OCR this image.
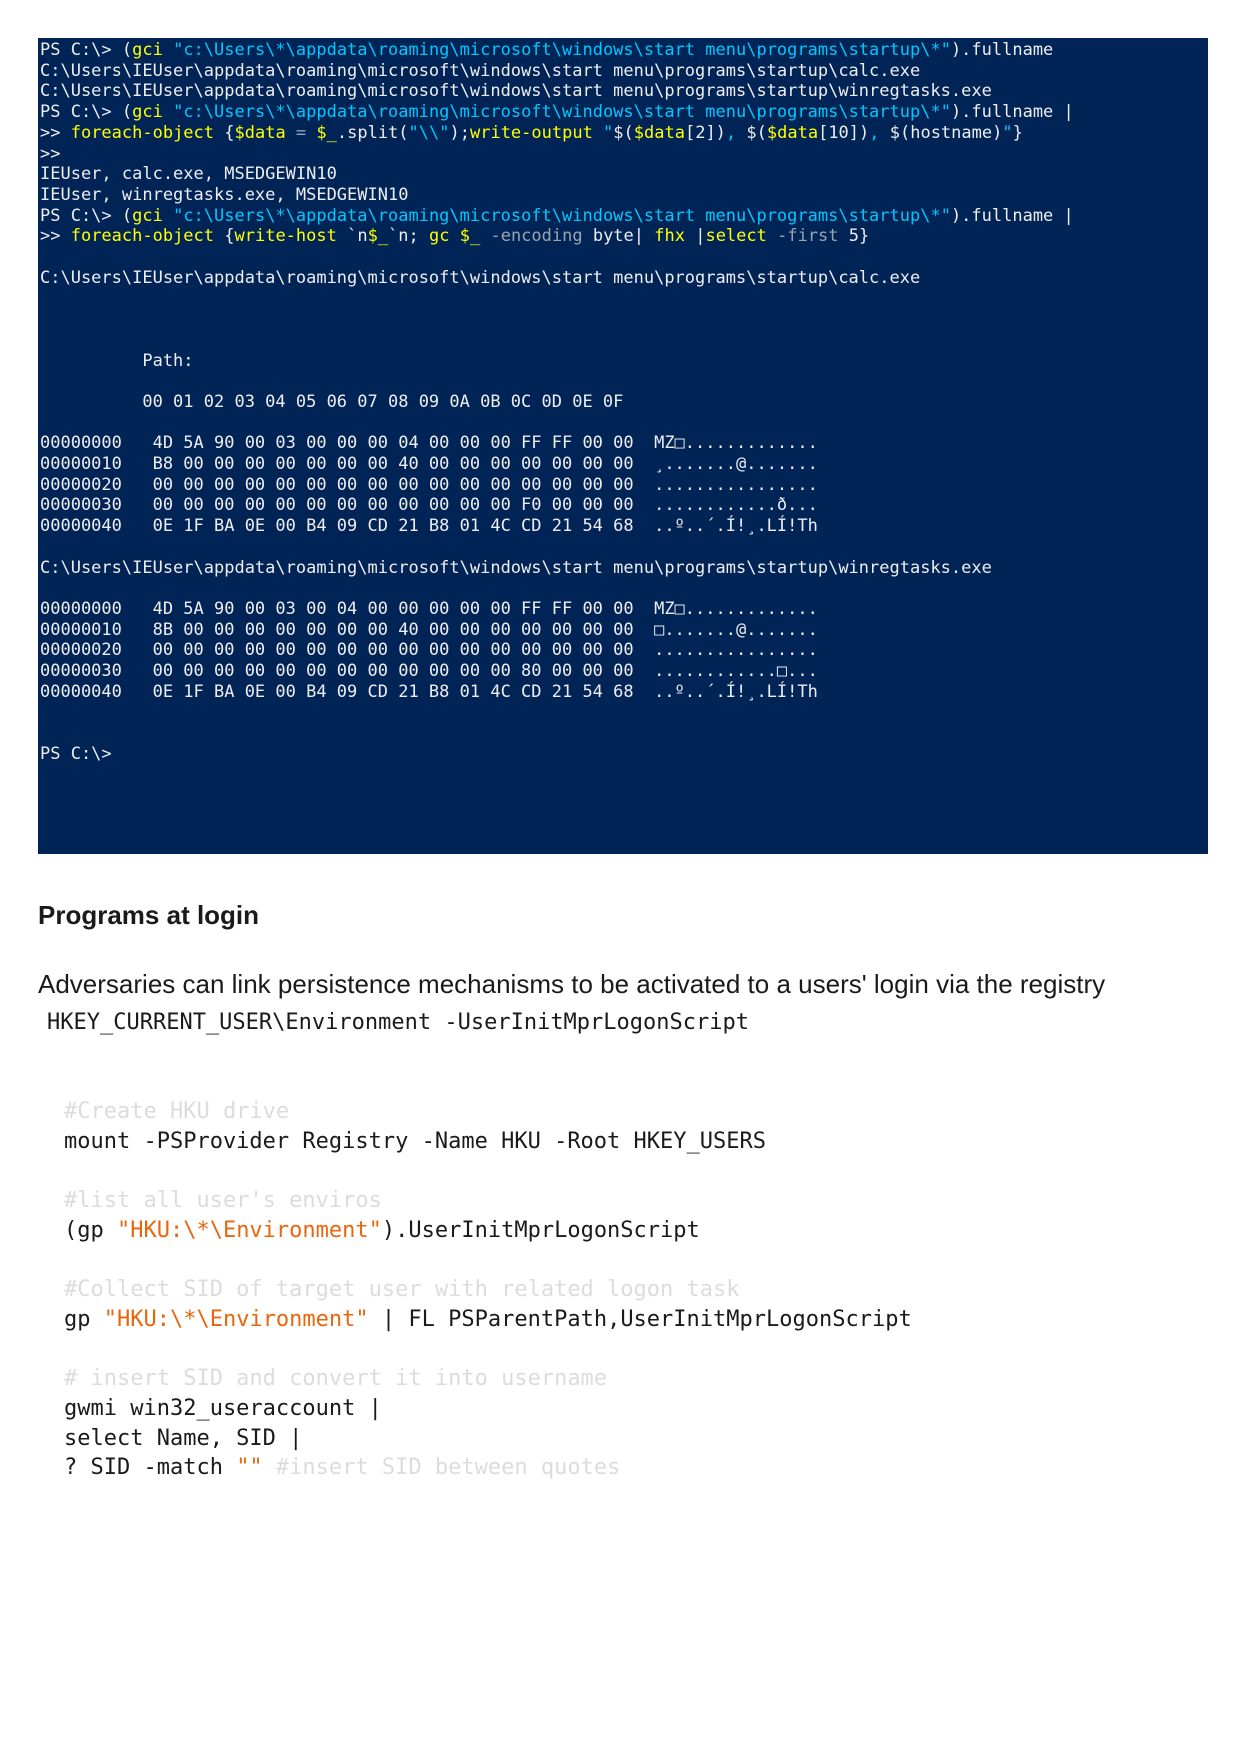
PS C:\> (gci "c:\Users\*\appdata\roaming\microsoft\windows\start menu\programs\startup\*").fullname
C:\Users\IEUser\appdata\roaming\microsoft\windows\start menu\programs\startup\calc.exe
C:\Users\IEUser\appdata\roaming\microsoft\windows\start menu\programs\startup\winregtasks.exe
PS C:\> (gci "c:\Users\*\appdata\roaming\microsoft\windows\start menu\programs\startup\*").fullname |
>> foreach-object {$data = $_.split("\\");write-output "$($data[2]), $($data[10]), $(hostname)"}
>>
IEUser, calc.exe, MSEDGEWIN10
IEUser, winregtasks.exe, MSEDGEWIN10
PS C:\> (gci "c:\Users\*\appdata\roaming\microsoft\windows\start menu\programs\startup\*").fullname |
>> foreach-object {write-host `n$_`n; gc $_ -encoding byte| fhx |select -first 5}
C:\Users\IEUser\appdata\roaming\microsoft\windows\start menu\programs\startup\calc.exe
Path:
00 01 02 03 04 05 06 07 08 09 0A 0B 0C 0D 0E 0F
00000000   4D 5A 90 00 03 00 00 00 04 00 00 00 FF FF 00 00  MZ□.............
00000010   B8 00 00 00 00 00 00 00 40 00 00 00 00 00 00 00  ¸.......@.......
00000020   00 00 00 00 00 00 00 00 00 00 00 00 00 00 00 00  ................
00000030   00 00 00 00 00 00 00 00 00 00 00 00 F0 00 00 00  ............ð...
00000040   0E 1F BA 0E 00 B4 09 CD 21 B8 01 4C CD 21 54 68  ..º..´.Í!¸.LÍ!Th
C:\Users\IEUser\appdata\roaming\microsoft\windows\start menu\programs\startup\winregtasks.exe
00000000   4D 5A 90 00 03 00 04 00 00 00 00 00 FF FF 00 00  MZ□.............
00000010   8B 00 00 00 00 00 00 00 40 00 00 00 00 00 00 00  □.......@.......
00000020   00 00 00 00 00 00 00 00 00 00 00 00 00 00 00 00  ................
00000030   00 00 00 00 00 00 00 00 00 00 00 00 80 00 00 00  ............□...
00000040   0E 1F BA 0E 00 B4 09 CD 21 B8 01 4C CD 21 54 68  ..º..´.Í!¸.LÍ!Th
PS C:\>
Programs at login
Adversaries can link persistence mechanisms to be activated to a users' login via the registry
HKEY_CURRENT_USER\Environment -UserInitMprLogonScript
#Create HKU drive
mount -PSProvider Registry -Name HKU -Root HKEY_USERS
#list all user's enviros
(gp "HKU:\*\Environment").UserInitMprLogonScript
#Collect SID of target user with related logon task
gp "HKU:\*\Environment" | FL PSParentPath,UserInitMprLogonScript
# insert SID and convert it into username
gwmi win32_useraccount |
select Name, SID |
? SID -match "" #insert SID between quotes
